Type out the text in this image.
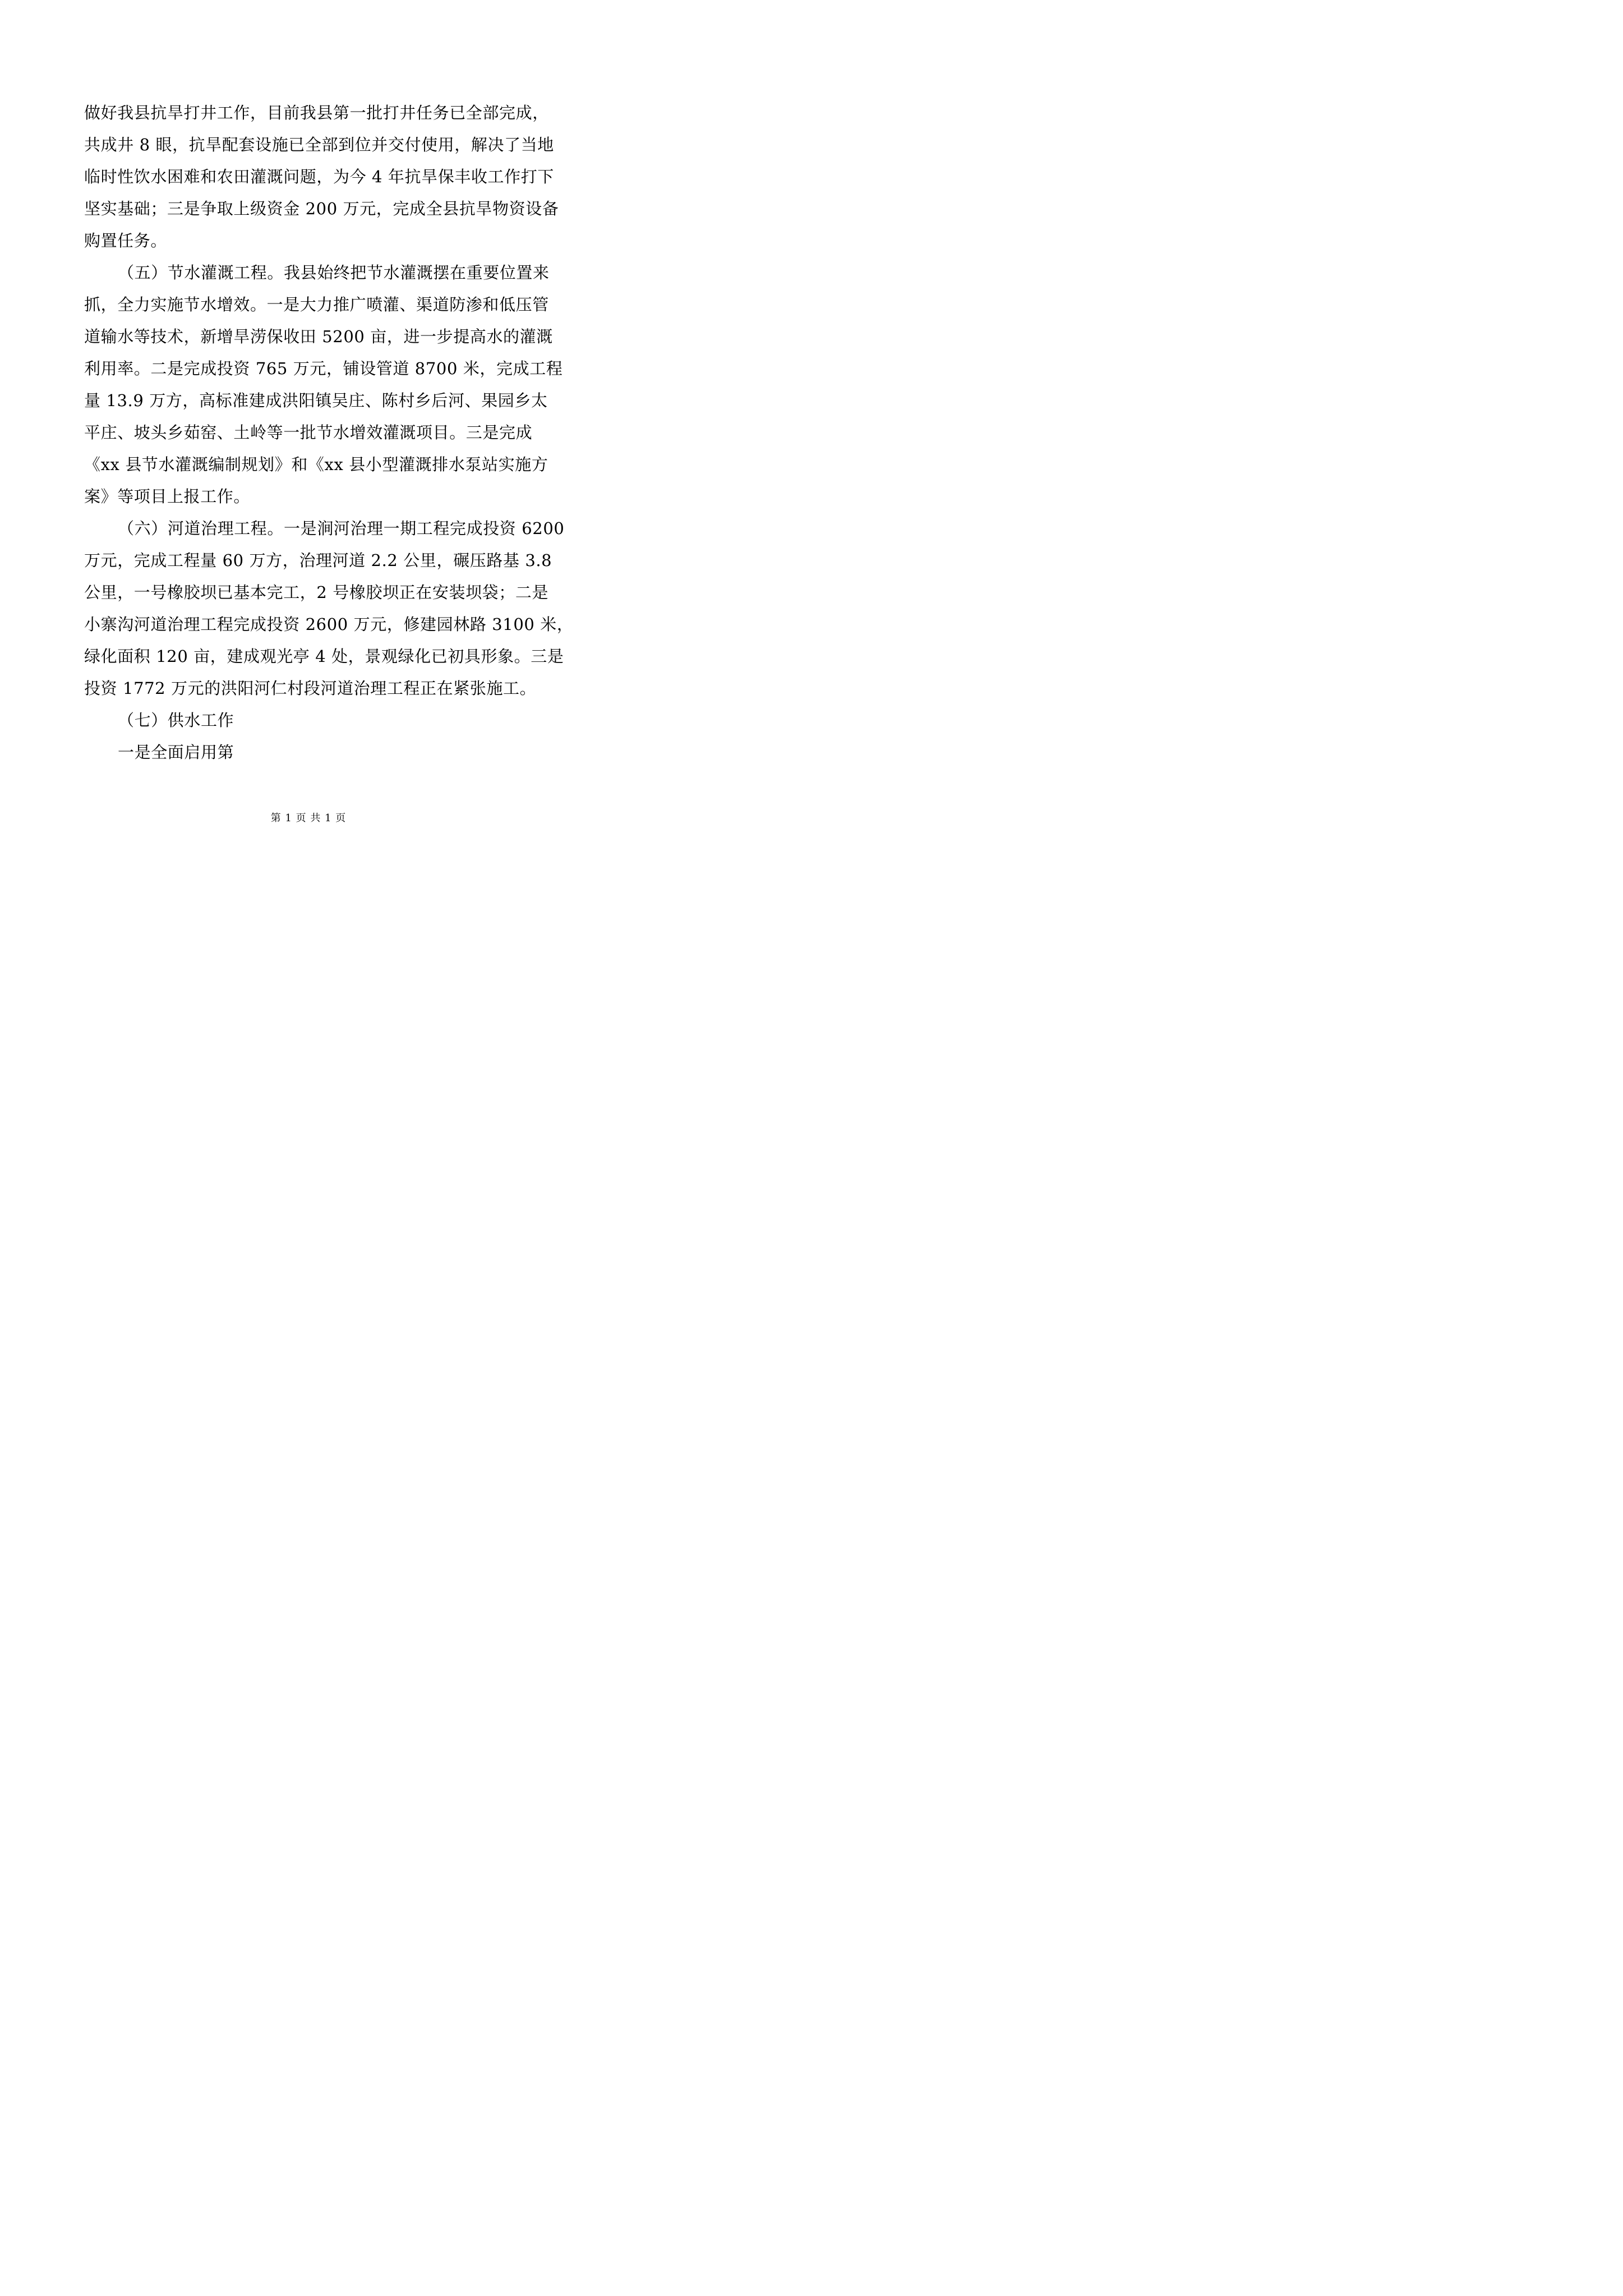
做好我县抗旱打井工作，目前我县第一批打井任务已全部完成，
共成井 8 眼，抗旱配套设施已全部到位并交付使用，解决了当地
临时性饮水困难和农田灌溉问题，为今 4 年抗旱保丰收工作打下
坚实基础；三是争取上级资金 200 万元，完成全县抗旱物资设备
购置任务。
（五）节水灌溉工程。我县始终把节水灌溉摆在重要位置来
抓，全力实施节水增效。一是大力推广喷灌、渠道防渗和低压管
道输水等技术，新增旱涝保收田 5200 亩，进一步提高水的灌溉
利用率。二是完成投资 765 万元，铺设管道 8700 米，完成工程
量 13.9 万方，高标准建成洪阳镇吴庄、陈村乡后河、果园乡太
平庄、坡头乡茹窑、土岭等一批节水增效灌溉项目。三是完成
《xx 县节水灌溉编制规划》和《xx 县小型灌溉排水泵站实施方
案》等项目上报工作。
（六）河道治理工程。一是涧河治理一期工程完成投资 6200
万元，完成工程量 60 万方，治理河道 2.2 公里，碾压路基 3.8
公里，一号橡胶坝已基本完工，2 号橡胶坝正在安装坝袋；二是
小寨沟河道治理工程完成投资 2600 万元，修建园林路 3100 米，
绿化面积 120 亩，建成观光亭 4 处，景观绿化已初具形象。三是
投资 1772 万元的洪阳河仁村段河道治理工程正在紧张施工。
（七）供水工作
一是全面启用第
第 1 页 共 1 页
